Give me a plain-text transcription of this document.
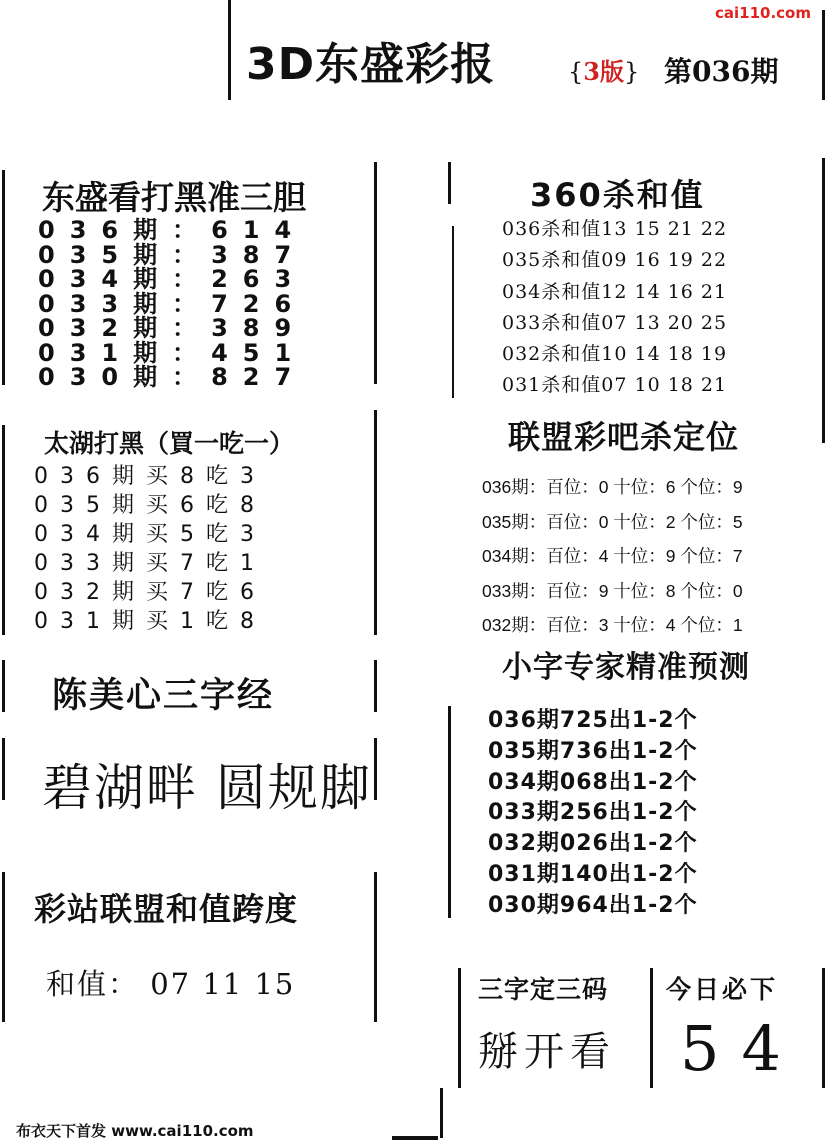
cai110.com
3D东盛彩报	{3版} 第036期
东盛看打黑准三胆
036期：614
035期：387
034期：263
033期：726
032期：389
031期：451
030期：827
太湖打黑（買一吃一）
036期买8吃3
035期买6吃8
034期买5吃3
033期买7吃1
032期买7吃6
031期买1吃8
陈美心三字经
碧湖畔 圆规脚
彩站联盟和值跨度
和值： 07 11 15
布衣天下首发 www.cai110.com
360杀和值
036杀和值13 15 21 22
035杀和值09 16 19 22
034杀和值12 14 16 21
033杀和值07 13 20 25
032杀和值10 14 18 19
031杀和值07 10 18 21
联盟彩吧杀定位
036期：百位：0 十位：6 个位：9
035期：百位：0 十位：2 个位：5
034期：百位：4 十位：9 个位：7
033期：百位：9 十位：8 个位：0
032期：百位：3 十位：4 个位：1
小字专家精准预测
036期725出1-2个
035期736出1-2个
034期068出1-2个
033期256出1-2个
032期026出1-2个
031期140出1-2个
030期964出1-2个
三字定三码 今日必下
掰开看 54
